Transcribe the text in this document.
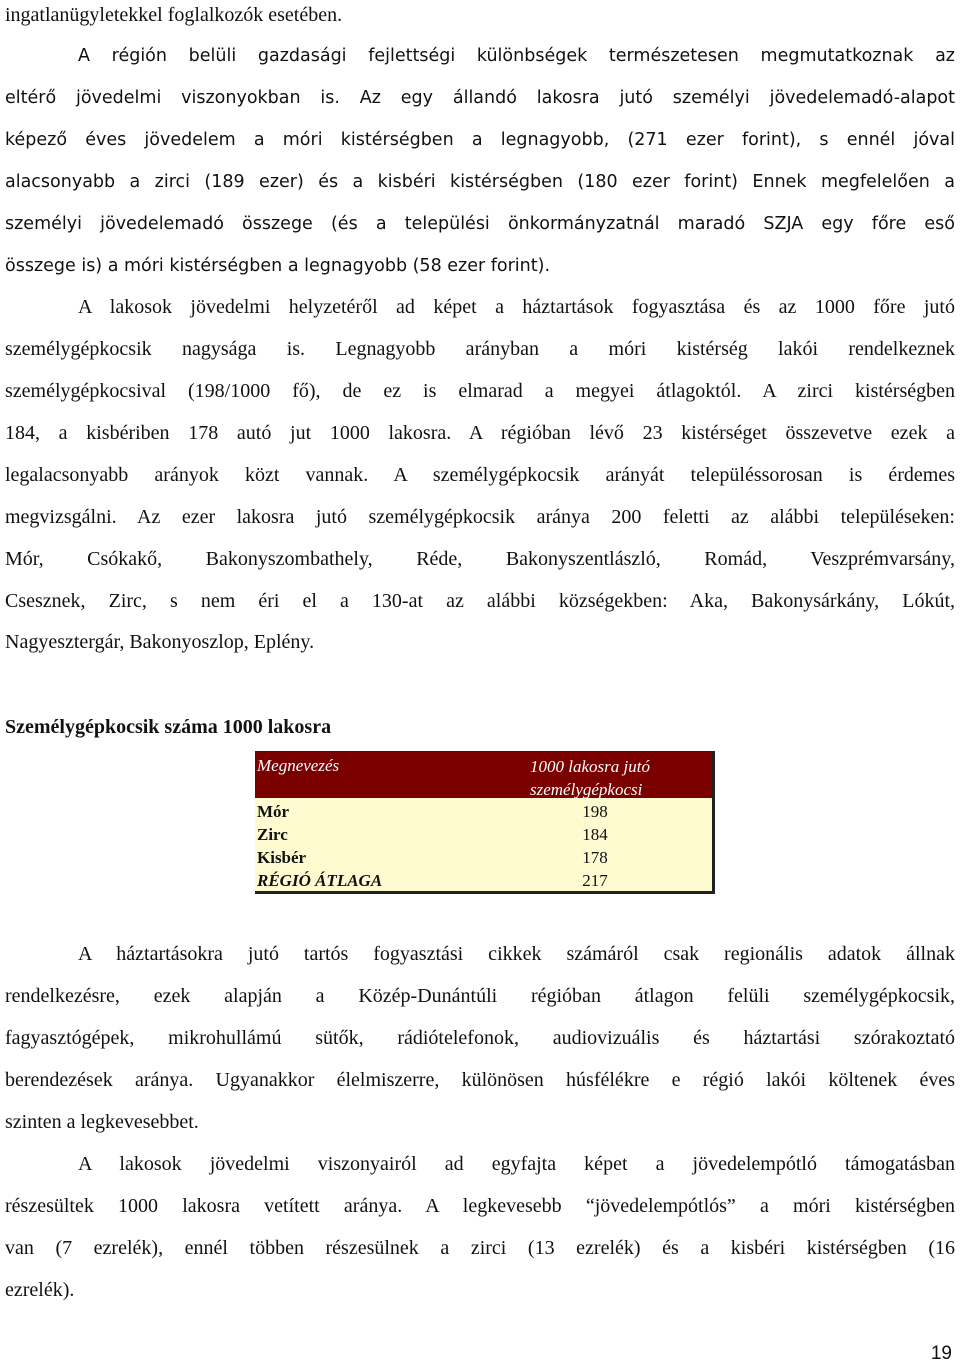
ingatlanügyletekkel foglalkozók esetében.
A régión belüli gazdasági fejlettségi különbségek természetesen megmutatkoznak az
eltérő jövedelmi viszonyokban is. Az egy állandó lakosra jutó személyi jövedelemadó-alapot
képező éves jövedelem a móri kistérségben a legnagyobb, (271 ezer forint), s ennél jóval
alacsonyabb a zirci (189 ezer) és a kisbéri kistérségben (180 ezer forint) Ennek megfelelően a
személyi jövedelemadó összege (és a települési önkormányzatnál maradó SZJA egy főre eső
összege is) a móri kistérségben a legnagyobb (58 ezer forint).
A lakosok jövedelmi helyzetéről ad képet a háztartások fogyasztása és az 1000 főre jutó
személygépkocsik nagysága is. Legnagyobb arányban a móri kistérség lakói rendelkeznek
személygépkocsival (198/1000 fő), de ez is elmarad a megyei átlagoktól. A zirci kistérségben
184, a kisbériben 178 autó jut 1000 lakosra. A régióban lévő 23 kistérséget összevetve ezek a
legalacsonyabb arányok közt vannak. A személygépkocsik arányát településsorosan is érdemes
megvizsgálni. Az ezer lakosra jutó személygépkocsik aránya 200 feletti az alábbi településeken:
Mór, Csókakő, Bakonyszombathely, Réde, Bakonyszentlászló, Romád, Veszprémvarsány,
Csesznek, Zirc, s nem éri el a 130-at az alábbi községekben: Aka, Bakonysárkány, Lókút,
Nagyesztergár, Bakonyoszlop, Eplény.
Személygépkocsik száma 1000 lakosra
Megnevezés	1000 lakosra jutó személygépkocsi
Mór	198
Zirc	184
Kisbér	178
RÉGIÓ ÁTLAGA	217
A háztartásokra jutó tartós fogyasztási cikkek számáról csak regionális adatok állnak
rendelkezésre, ezek alapján a Közép-Dunántúli régióban átlagon felüli személygépkocsik,
fagyasztógépek, mikrohullámú sütők, rádiótelefonok, audiovizuális és háztartási szórakoztató
berendezések aránya. Ugyanakkor élelmiszerre, különösen húsfélékre e régió lakói költenek éves
szinten a legkevesebbet.
A lakosok jövedelmi viszonyairól ad egyfajta képet a jövedelempótló támogatásban
részesültek 1000 lakosra vetített aránya. A legkevesebb “jövedelempótlós” a móri kistérségben
van (7 ezrelék), ennél többen részesülnek a zirci (13 ezrelék) és a kisbéri kistérségben (16
ezrelék).
19
